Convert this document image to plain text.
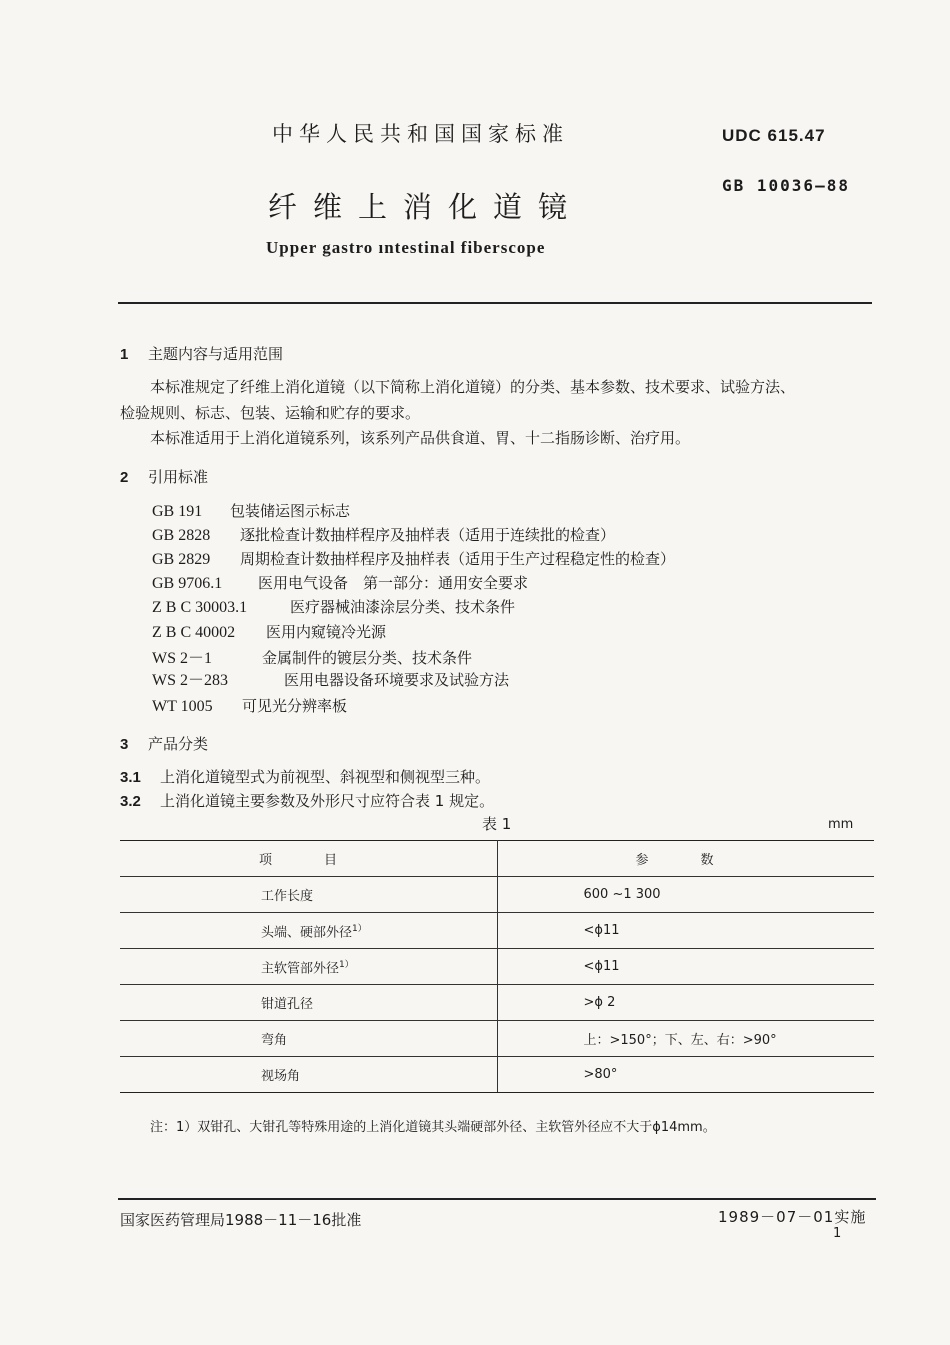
中华人民共和国国家标准	UDC 615.47
GB 10036—88
纤维上消化道镜
Upper gastro ıntestinal fiberscope
1 主题内容与适用范围
本标准规定了纤维上消化道镜（以下简称上消化道镜）的分类、基本参数、技术要求、试验方法、
检验规则、标志、包装、运输和贮存的要求。
本标准适用于上消化道镜系列，该系列产品供食道、胃、十二指肠诊断、治疗用。
2 引用标准
GB 191 包装储运图示标志
GB 2828 逐批检查计数抽样程序及抽样表（适用于连续批的检查）
GB 2829 周期检查计数抽样程序及抽样表（适用于生产过程稳定性的检查）
GB 9706.1 医用电气设备　第一部分：通用安全要求
Z B C 30003.1	医疗器械油漆涂层分类、技术条件
Z B C 40002 医用内窥镜冷光源
WS 2－1	金属制件的镀层分类、技术条件
WS 2－283	医用电器设备环境要求及试验方法
WT 1005 可见光分辨率板
3 产品分类
3.1 上消化道镜型式为前视型、斜视型和侧视型三种。
3.2 上消化道镜主要参数及外形尺寸应符合表 1 规定。
表 1	mm
项　　　　目	参　　　　数
工作长度	600 ~1 300
头端、硬部外径$^{1)}$	<ϕ11
主软管部外径$^{1)}$	<ϕ11
钳道孔径	>ϕ 2
弯角	上：>150°；下、左、右：>90°
视场角	>80°
注：1）双钳孔、大钳孔等特殊用途的上消化道镜其头端硬部外径、主软管外径应不大于ϕ14mm。
国家医药管理局1988－11－16批准	1989－07－01实施
1
